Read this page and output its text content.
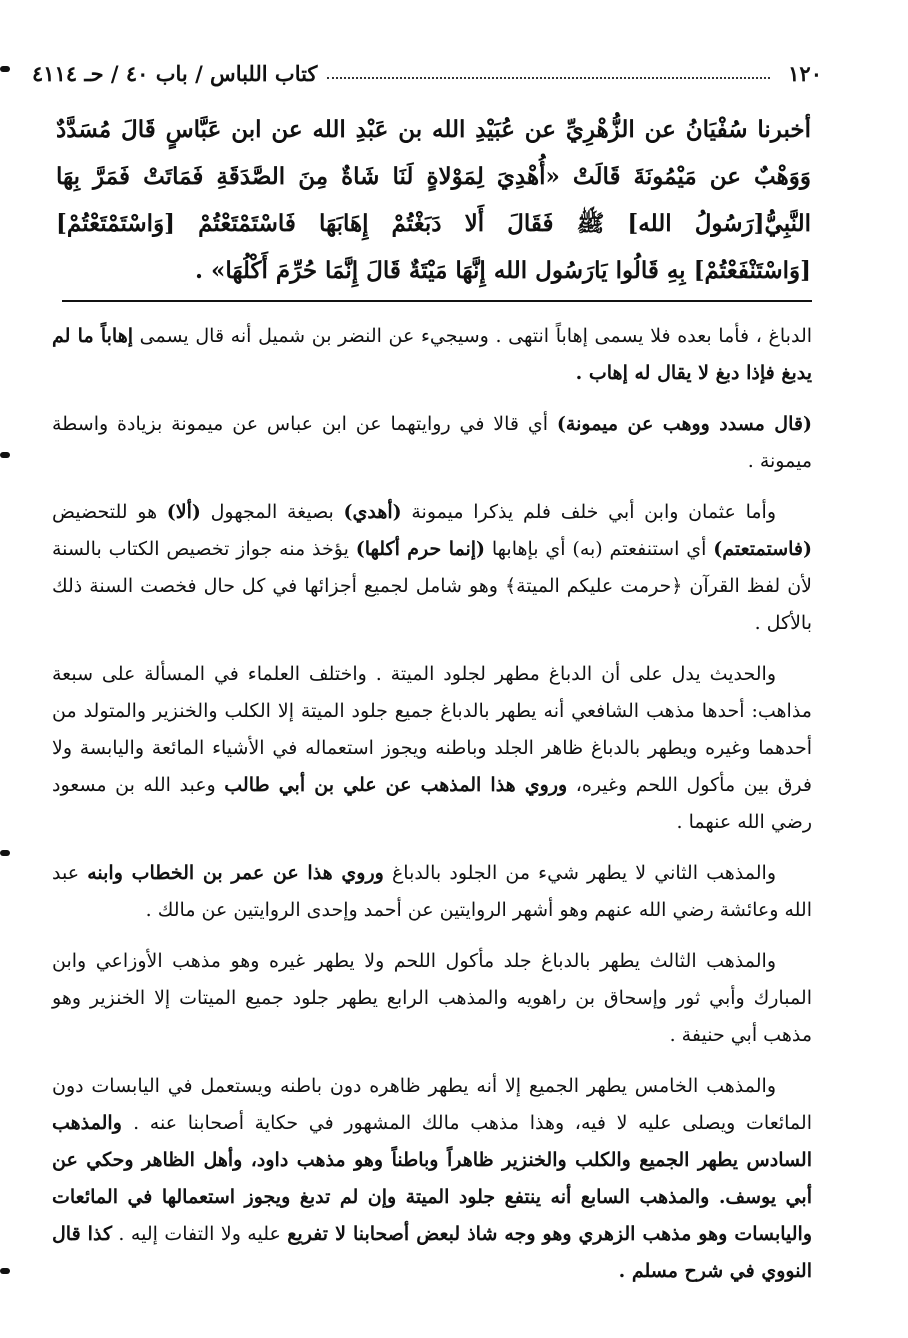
١٢٠
كتاب اللباس / باب ٤٠ / حـ ٤١١٤
أخبرنا سُفْيَانُ عن الزُّهْرِيِّ عن عُبَيْدِ الله بن عَبْدِ الله عن ابن عَبَّاسٍ قَالَ مُسَدَّدٌ وَوَهْبٌ عن مَيْمُونَةَ قَالَتْ «أُهْدِيَ لِمَوْلاةٍ لَنَا شَاةٌ مِنَ الصَّدَقَةِ فَمَاتَتْ فَمَرَّ بِهَا النَّبِيُّ[رَسُولُ الله] ﷺ فَقَالَ أَلا دَبَغْتُمْ إِهَابَهَا فَاسْتَمْتَعْتُمْ [وَاسْتَمْتَعْتُمْ] [وَاسْتَنْفَعْتُمْ] بِهِ قَالُوا يَارَسُول الله إِنَّهَا مَيْتَةٌ قَالَ إِنَّمَا حُرِّمَ أَكْلُهَا» .

الدباغ ، فأما بعده فلا يسمى إهاباً انتهى . وسيجيء عن النضر بن شميل أنه قال يسمى إهاباً ما لم يدبغ فإذا دبغ لا يقال له إهاب .

(قال مسدد ووهب عن ميمونة) أي قالا في روايتهما عن ابن عباس عن ميمونة بزيادة واسطة ميمونة .

وأما عثمان وابن أبي خلف فلم يذكرا ميمونة (أهدي) بصيغة المجهول (ألا) هو للتحضيض (فاستمتعتم) أي استنفعتم (به) أي بإهابها (إنما حرم أكلها) يؤخذ منه جواز تخصيص الكتاب بالسنة لأن لفظ القرآن ﴿حرمت عليكم الميتة﴾ وهو شامل لجميع أجزائها في كل حال فخصت السنة ذلك بالأكل .

والحديث يدل على أن الدباغ مطهر لجلود الميتة . واختلف العلماء في المسألة على سبعة مذاهب: أحدها مذهب الشافعي أنه يطهر بالدباغ جميع جلود الميتة إلا الكلب والخنزير والمتولد من أحدهما وغيره ويطهر بالدباغ ظاهر الجلد وباطنه ويجوز استعماله في الأشياء المائعة واليابسة ولا فرق بين مأكول اللحم وغيره، وروي هذا المذهب عن علي بن أبي طالب وعبد الله بن مسعود رضي الله عنهما .

والمذهب الثاني لا يطهر شيء من الجلود بالدباغ وروي هذا عن عمر بن الخطاب وابنه عبد الله وعائشة رضي الله عنهم وهو أشهر الروايتين عن أحمد وإحدى الروايتين عن مالك .

والمذهب الثالث يطهر بالدباغ جلد مأكول اللحم ولا يطهر غيره وهو مذهب الأوزاعي وابن المبارك وأبي ثور وإسحاق بن راهويه والمذهب الرابع يطهر جلود جميع الميتات إلا الخنزير وهو مذهب أبي حنيفة .

والمذهب الخامس يطهر الجميع إلا أنه يطهر ظاهره دون باطنه ويستعمل في اليابسات دون المائعات ويصلى عليه لا فيه، وهذا مذهب مالك المشهور في حكاية أصحابنا عنه . والمذهب السادس يطهر الجميع والكلب والخنزير ظاهراً وباطناً وهو مذهب داود، وأهل الظاهر وحكي عن أبي يوسف. والمذهب السابع أنه ينتفع جلود الميتة وإن لم تدبغ ويجوز استعمالها في المائعات واليابسات وهو مذهب الزهري وهو وجه شاذ لبعض أصحابنا لا تفريع عليه ولا التفات إليه . كذا قال النووي في شرح مسلم .
